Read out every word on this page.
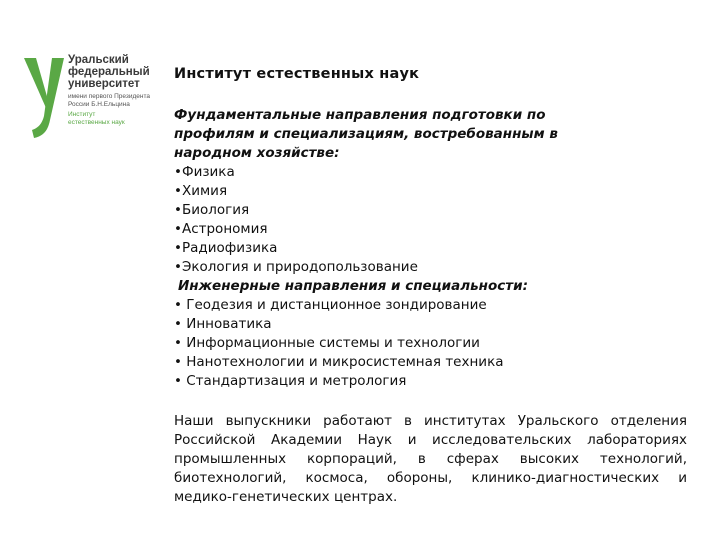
Уральский
федеральный
университет
имени первого Президента
России Б.Н.Ельцина
Институт
естественных наук
Институт естественных наук
Фундаментальные направления подготовки по
профилям и специализациям, востребованным в
народном хозяйстве:
•Физика
•Химия
•Биология
•Астрономия
•Радиофизика
•Экология и природопользование
Инженерные направления и специальности:
• Геодезия и дистанционное зондирование
• Инноватика
• Информационные системы и технологии
• Нанотехнологии и микросистемная техника
• Стандартизация и метрология
Наши выпускники работают в институтах Уральского отделения Российской Академии Наук и исследовательских лабораториях промышленных корпораций, в сферах высоких технологий, биотехнологий, космоса, обороны, клинико-диагностических и медико-генетических центрах.
